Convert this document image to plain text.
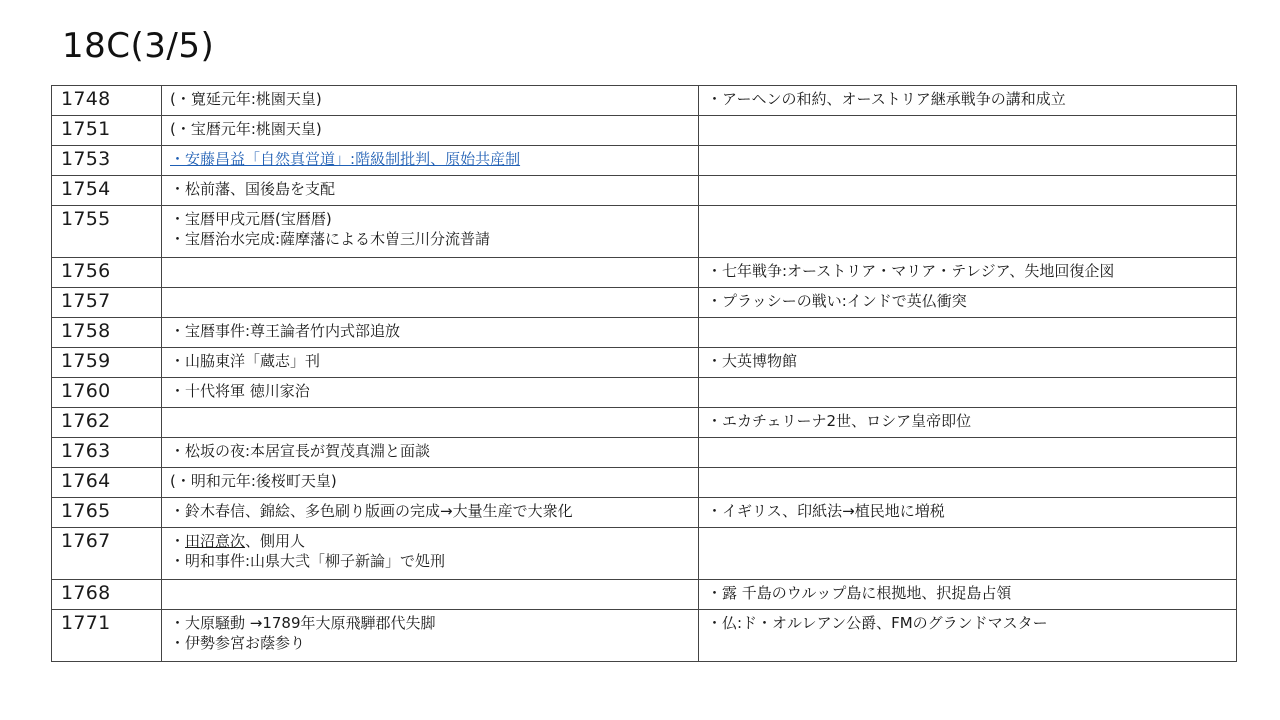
18C(3/5)
1748	(・寛延元年:桃園天皇)	・アーヘンの和約、オーストリア継承戦争の講和成立

1751	(・宝暦元年:桃園天皇)	

1753	・安藤昌益「自然真営道」:階級制批判、原始共産制	

1754	・松前藩、国後島を支配	

1755	・宝暦甲戌元暦(宝暦暦)
・宝暦治水完成:薩摩藩による木曽三川分流普請	

1756		・七年戦争:オーストリア・マリア・テレジア、失地回復企図

1757		・プラッシーの戦い:インドで英仏衝突

1758	・宝暦事件:尊王論者竹内式部追放	

1759	・山脇東洋「蔵志」刊	・大英博物館

1760	・十代将軍 徳川家治	

1762		・エカチェリーナ2世、ロシア皇帝即位

1763	・松坂の夜:本居宣長が賀茂真淵と面談	

1764	(・明和元年:後桜町天皇)	

1765	・鈴木春信、錦絵、多色刷り版画の完成→大量生産で大衆化	・イギリス、印紙法→植民地に増税

1767	・田沼意次、側用人
・明和事件:山県大弐「柳子新論」で処刑	

1768		・露 千島のウルップ島に根拠地、択捉島占領

1771	・大原騒動 →1789年大原飛騨郡代失脚
・伊勢参宮お蔭参り	・仏:ド・オルレアン公爵、FMのグランドマスター
